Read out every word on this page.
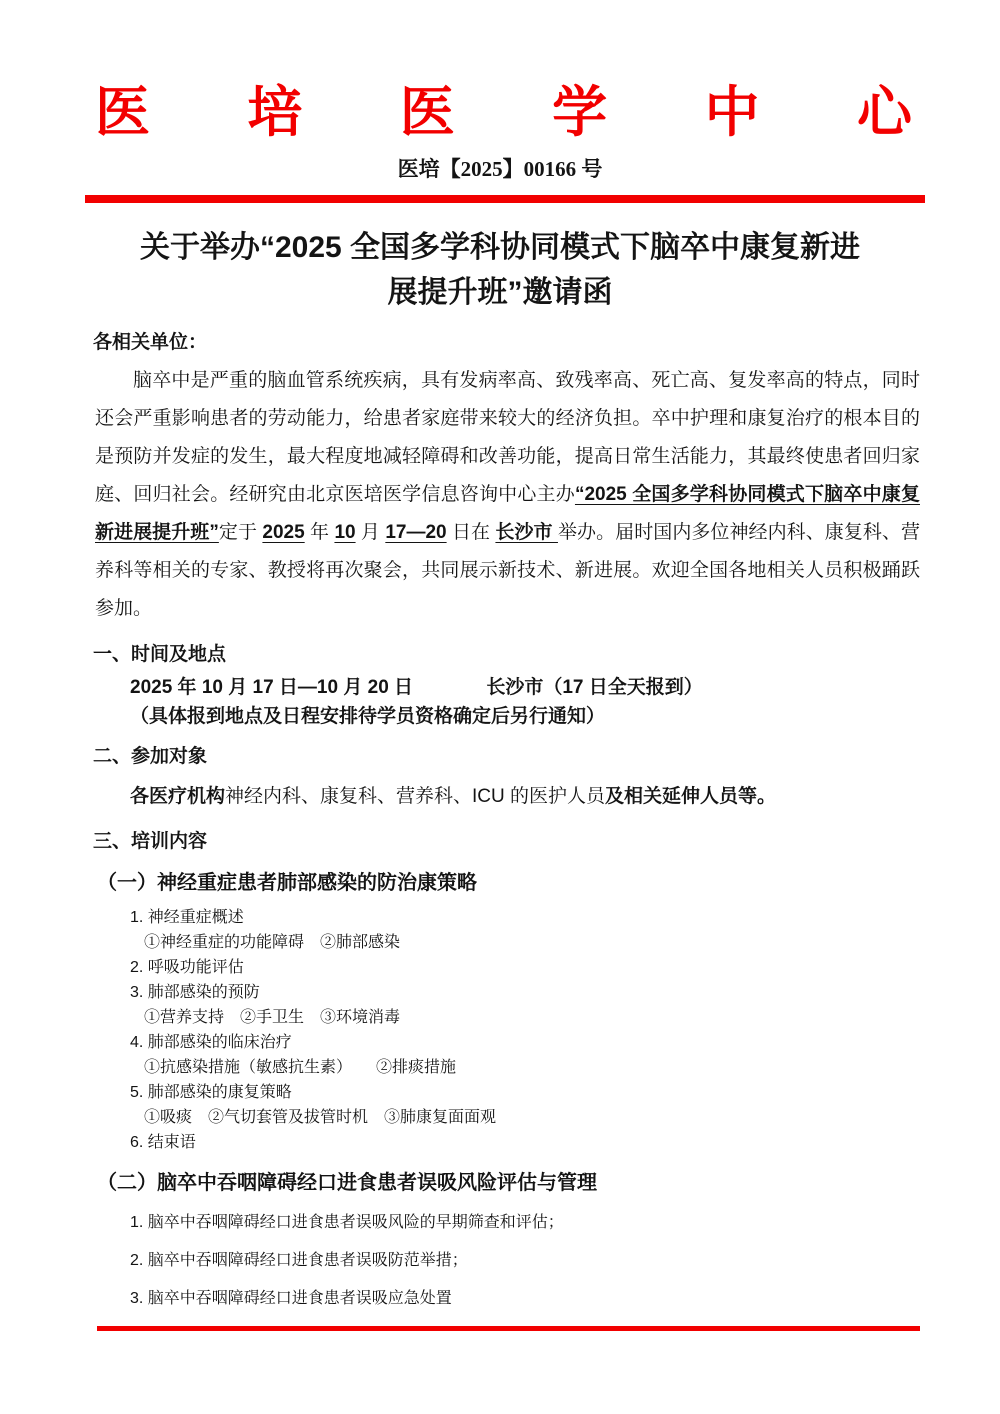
医 培 医 学 中 心
医培【2025】00166 号
关于举办“2025 全国多学科协同模式下脑卒中康复新进
展提升班”邀请函
各相关单位：

脑卒中是严重的脑血管系统疾病，具有发病率高、致残率高、死亡高、复发率高的特点，同时还会严重影响患者的劳动能力，给患者家庭带来较大的经济负担。卒中护理和康复治疗的根本目的是预防并发症的发生，最大程度地减轻障碍和改善功能，提高日常生活能力，其最终使患者回归家庭、回归社会。经研究由北京医培医学信息咨询中心主办“2025 全国多学科协同模式下脑卒中康复新进展提升班”定于 2025 年 10 月 17—20 日在 长沙市 举办。届时国内多位神经内科、康复科、营养科等相关的专家、教授将再次聚会，共同展示新技术、新进展。欢迎全国各地相关人员积极踊跃参加。

一、时间及地点
2025 年 10 月 17 日—10 月 20 日	长沙市（17 日全天报到）
（具体报到地点及日程安排待学员资格确定后另行通知）
二、参加对象

各医疗机构神经内科、康复科、营养科、ICU 的医护人员及相关延伸人员等。

三、培训内容
（一）神经重症患者肺部感染的防治康策略
1. 神经重症概述
①神经重症的功能障碍　②肺部感染
2. 呼吸功能评估
3. 肺部感染的预防
①营养支持　②手卫生　③环境消毒
4. 肺部感染的临床治疗
①抗感染措施（敏感抗生素）　　②排痰措施
5. 肺部感染的康复策略
①吸痰　②气切套管及拔管时机　③肺康复面面观
6. 结束语
（二）脑卒中吞咽障碍经口进食患者误吸风险评估与管理
1. 脑卒中吞咽障碍经口进食患者误吸风险的早期筛查和评估；
2. 脑卒中吞咽障碍经口进食患者误吸防范举措；
3. 脑卒中吞咽障碍经口进食患者误吸应急处置
